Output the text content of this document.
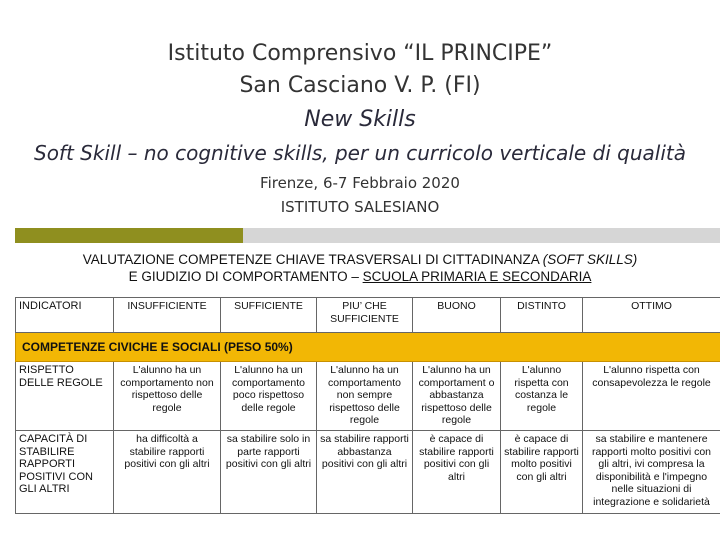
Istituto Comprensivo “IL PRINCIPE”
San Casciano V. P. (FI)
New Skills
Soft Skill – no cognitive skills, per un curricolo verticale di qualità
Firenze, 6-7 Febbraio 2020
ISTITUTO SALESIANO
VALUTAZIONE COMPETENZE CHIAVE TRASVERSALI DI CITTADINANZA (SOFT SKILLS)
E GIUDIZIO DI COMPORTAMENTO – SCUOLA PRIMARIA E SECONDARIA
INDICATORI	INSUFFICIENTE	SUFFICIENTE	PIU’ CHE SUFFICIENTE	BUONO	DISTINTO	OTTIMO
COMPETENZE CIVICHE E SOCIALI (PESO 50%)						
RISPETTO DELLE REGOLE	L'alunno ha un comportamento non rispettoso delle regole	L'alunno ha un comportamento poco rispettoso delle regole	L'alunno ha un comportamento non sempre rispettoso delle regole	L'alunno ha un comportament o abbastanza rispettoso delle regole	L'alunno rispetta con costanza le regole	L'alunno rispetta con consapevolezza le regole
CAPACITÀ DI STABILIRE RAPPORTI POSITIVI CON GLI ALTRI	ha difficoltà a stabilire rapporti positivi con gli altri	sa stabilire solo in parte rapporti positivi con gli altri	sa stabilire rapporti abbastanza positivi con gli altri	è capace di stabilire rapporti positivi con gli altri	è capace di stabilire rapporti molto positivi con gli altri	sa stabilire e mantenere rapporti molto positivi con gli altri, ivi compresa la disponibilità e l'impegno nelle situazioni di integrazione e solidarietà
